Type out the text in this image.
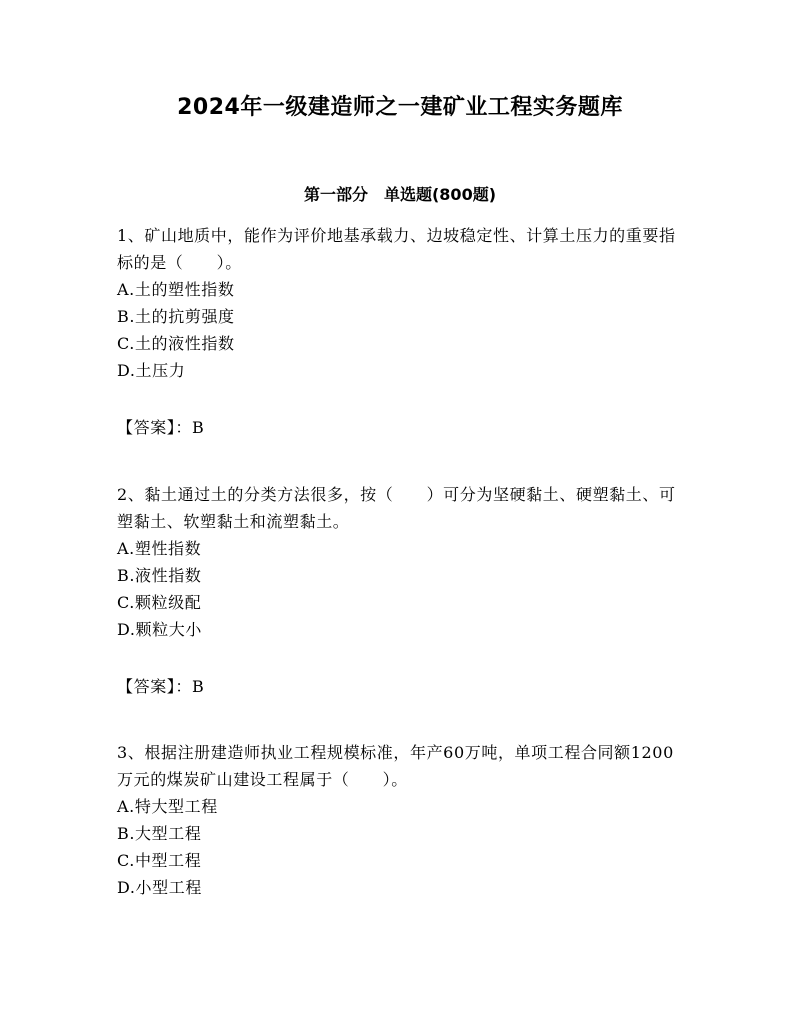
2024年一级建造师之一建矿业工程实务题库
第一部分　单选题(800题)

1、矿山地质中，能作为评价地基承载力、边坡稳定性、计算土压力的重要指标的是（　　）。

A.土的塑性指数

B.土的抗剪强度

C.土的液性指数

D.土压力

【答案】：B

2、黏土通过土的分类方法很多，按（　　）可分为坚硬黏土、硬塑黏土、可塑黏土、软塑黏土和流塑黏土。

A.塑性指数

B.液性指数

C.颗粒级配

D.颗粒大小

【答案】：B

3、根据注册建造师执业工程规模标准，年产60万吨，单项工程合同额1200万元的煤炭矿山建设工程属于（　　）。

A.特大型工程

B.大型工程

C.中型工程

D.小型工程
